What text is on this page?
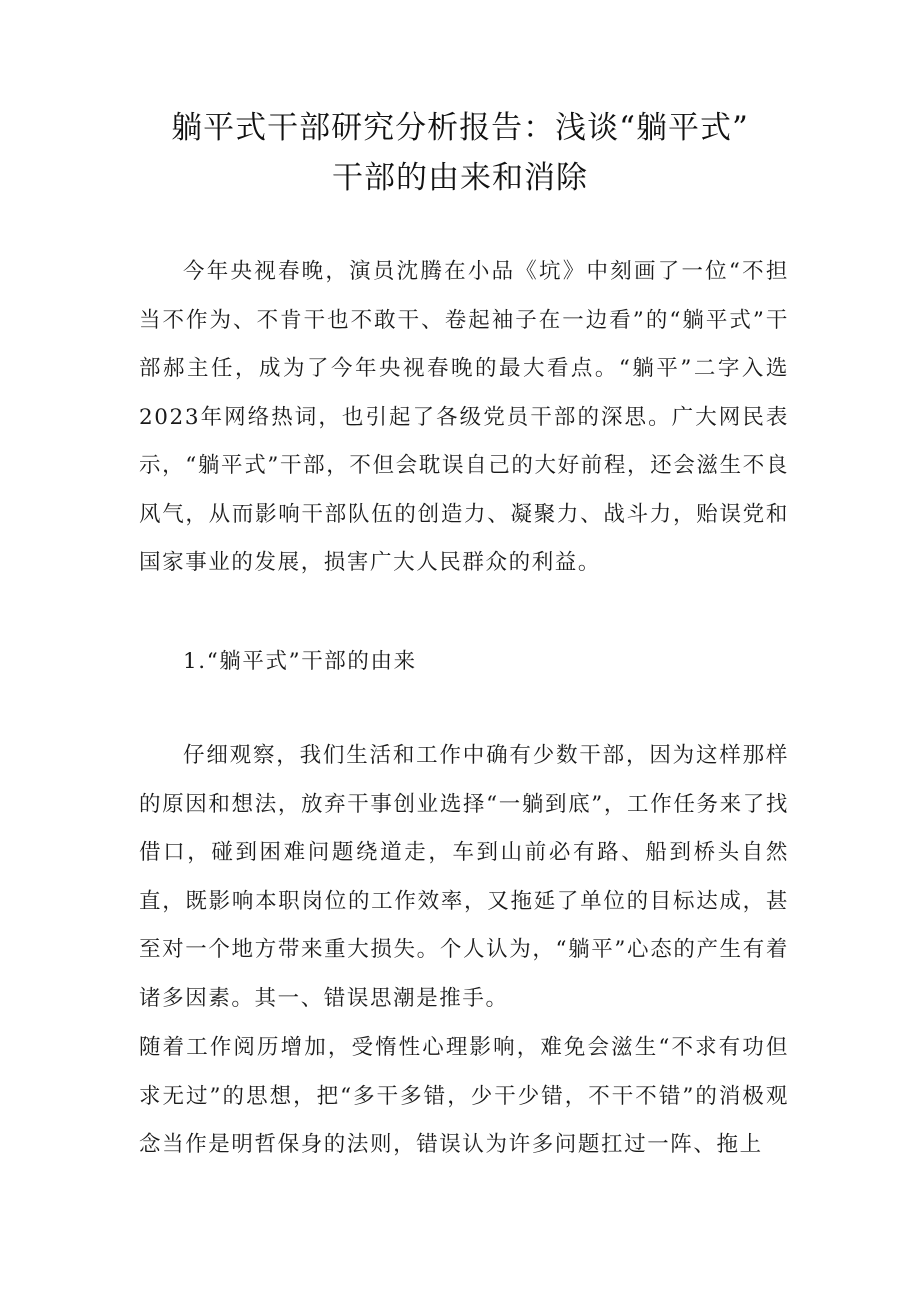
躺平式干部研究分析报告：浅谈“躺平式”
干部的由来和消除

今年央视春晚，演员沈腾在小品《坑》中刻画了一位“不担当不作为、不肯干也不敢干、卷起袖子在一边看”的“躺平式”干部郝主任，成为了今年央视春晚的最大看点。“躺平”二字入选2023年网络热词，也引起了各级党员干部的深思。广大网民表示，“躺平式”干部，不但会耽误自己的大好前程，还会滋生不良风气，从而影响干部队伍的创造力、凝聚力、战斗力，贻误党和国家事业的发展，损害广大人民群众的利益。

1.“躺平式”干部的由来

仔细观察，我们生活和工作中确有少数干部，因为这样那样的原因和想法，放弃干事创业选择“一躺到底”，工作任务来了找借口，碰到困难问题绕道走，车到山前必有路、船到桥头自然直，既影响本职岗位的工作效率，又拖延了单位的目标达成，甚至对一个地方带来重大损失。个人认为，“躺平”心态的产生有着诸多因素。其一、错误思潮是推手。

随着工作阅历增加，受惰性心理影响，难免会滋生“不求有功但求无过”的思想，把“多干多错，少干少错，不干不错”的消极观念当作是明哲保身的法则，错误认为许多问题扛过一阵、拖上
